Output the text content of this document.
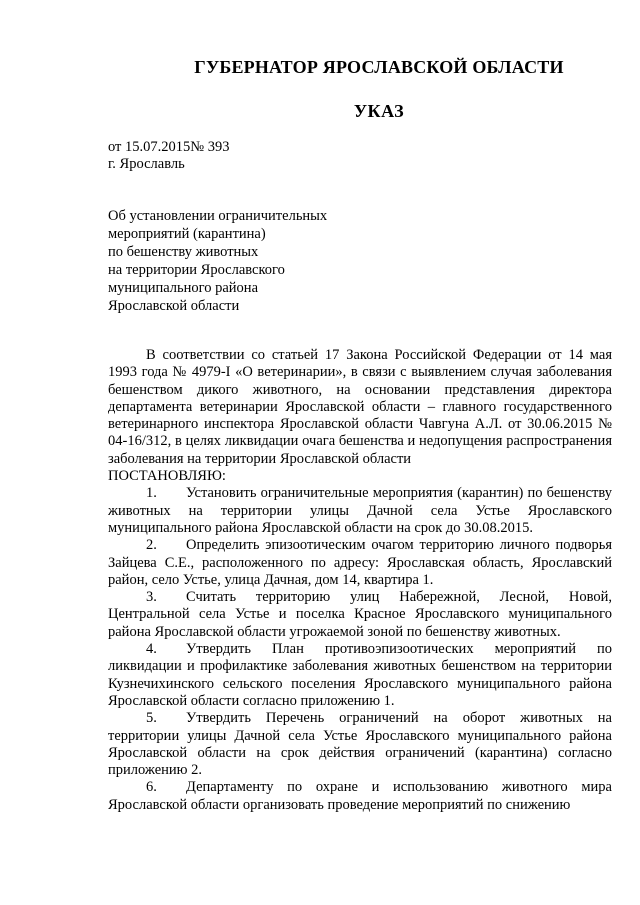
ГУБЕРНАТОР ЯРОСЛАВСКОЙ ОБЛАСТИ
УКАЗ
от 15.07.2015№ 393
г. Ярославль
Об установлении ограничительных
мероприятий (карантина)
по бешенству животных
на территории Ярославского
муниципального района
Ярославской области

В соответствии со статьей 17 Закона Российской Федерации от 14 мая 1993 года № 4979-I «О ветеринарии», в связи с выявлением случая заболевания бешенством дикого животного, на основании представления директора департамента ветеринарии Ярославской области – главного государственного ветеринарного инспектора Ярославской области Чавгуна А.Л. от 30.06.2015 № 04-16/312, в целях ликвидации очага бешенства и недопущения распространения заболевания на территории Ярославской области

ПОСТАНОВЛЯЮ:

1. Установить ограничительные мероприятия (карантин) по бешенству животных на территории улицы Дачной села Устье Ярославского муниципального района Ярославской области на срок до 30.08.2015.

2. Определить эпизоотическим очагом территорию личного подворья Зайцева С.Е., расположенного по адресу: Ярославская область, Ярославский район, село Устье, улица Дачная, дом 14, квартира 1.

3. Считать территорию улиц Набережной, Лесной, Новой, Центральной села Устье и поселка Красное Ярославского муниципального района Ярославской области угрожаемой зоной по бешенству животных.

4. Утвердить План противоэпизоотических мероприятий по ликвидации и профилактике заболевания животных бешенством на территории Кузнечихинского сельского поселения Ярославского муниципального района Ярославской области согласно приложению 1.

5. Утвердить Перечень ограничений на оборот животных на территории улицы Дачной села Устье Ярославского муниципального района Ярославской области на срок действия ограничений (карантина) согласно приложению 2.

6. Департаменту по охране и использованию животного мира Ярославской области организовать проведение мероприятий по снижению
